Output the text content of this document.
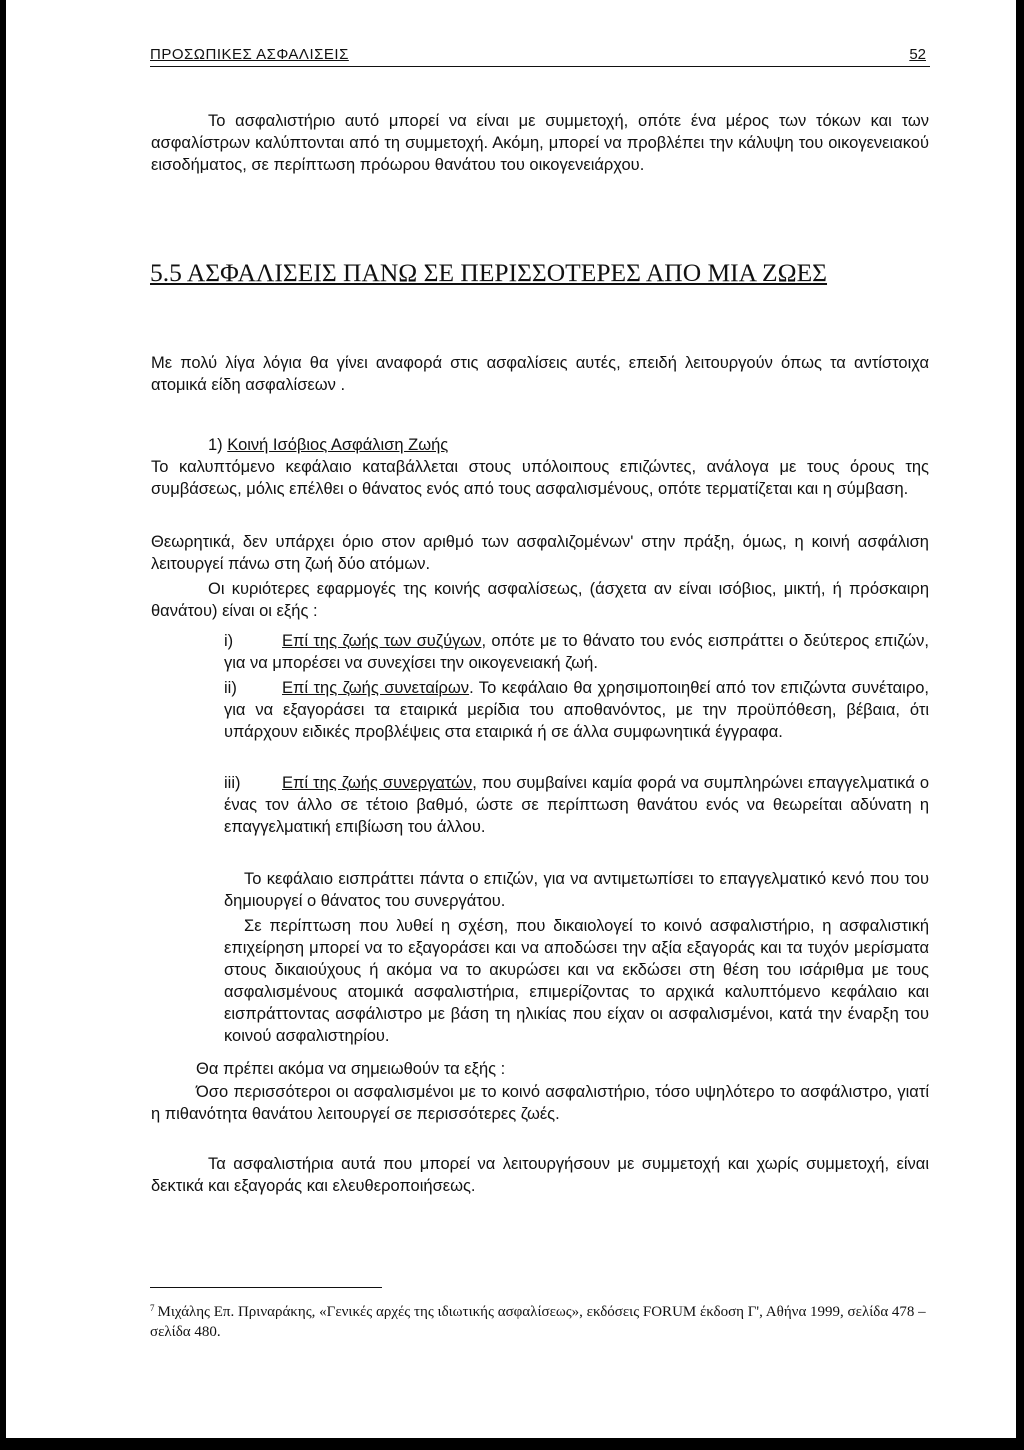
ΠΡΟΣΩΠΙΚΕΣ ΑΣΦΑΛΙΣΕΙΣ	52
Το ασφαλιστήριο αυτό μπορεί να είναι με συμμετοχή, οπότε ένα μέρος των τόκων και των ασφαλίστρων καλύπτονται από τη συμμετοχή. Ακόμη, μπορεί να προβλέπει την κάλυψη του οικογενειακού εισοδήματος, σε περίπτωση πρόωρου θανάτου του οικογενειάρχου.
5.5 ΑΣΦΑΛΙΣΕΙΣ ΠΑΝΩ ΣΕ ΠΕΡΙΣΣΟΤΕΡΕΣ ΑΠΟ ΜΙΑ ΖΩΕΣ
Με πολύ λίγα λόγια θα γίνει αναφορά στις ασφαλίσεις αυτές, επειδή λειτουργούν όπως τα αντίστοιχα ατομικά είδη ασφαλίσεων .
1) Κοινή Ισόβιος Ασφάλιση Ζωής
Το καλυπτόμενο κεφάλαιο καταβάλλεται στους υπόλοιπους επιζώντες, ανάλογα με τους όρους της συμβάσεως, μόλις επέλθει ο θάνατος ενός από τους ασφαλισμένους, οπότε τερματίζεται και η σύμβαση.
Θεωρητικά, δεν υπάρχει όριο στον αριθμό των ασφαλιζομένων' στην πράξη, όμως, η κοινή ασφάλιση λειτουργεί πάνω στη ζωή δύο ατόμων.
Οι κυριότερες εφαρμογές της κοινής ασφαλίσεως, (άσχετα αν είναι ισόβιος, μικτή, ή πρόσκαιρη θανάτου) είναι οι εξής :
i)	Επί της ζωής των συζύγων, οπότε με το θάνατο του ενός εισπράττει ο δεύτερος επιζών, για να μπορέσει να συνεχίσει την οικογενειακή ζωή.
ii)	Επί της ζωής συνεταίρων. Το κεφάλαιο θα χρησιμοποιηθεί από τον επιζώντα συνέταιρο, για να εξαγοράσει τα εταιρικά μερίδια του αποθανόντος, με την προϋπόθεση, βέβαια, ότι υπάρχουν ειδικές προβλέψεις στα εταιρικά ή σε άλλα συμφωνητικά έγγραφα.
iii)	Επί της ζωής συνεργατών, που συμβαίνει καμία φορά να συμπληρώνει επαγγελματικά ο ένας τον άλλο σε τέτοιο βαθμό, ώστε σε περίπτωση θανάτου ενός να θεωρείται αδύνατη η επαγγελματική επιβίωση του άλλου.
Το κεφάλαιο εισπράττει πάντα ο επιζών, για να αντιμετωπίσει το επαγγελματικό κενό που του δημιουργεί ο θάνατος του συνεργάτου.
Σε περίπτωση που λυθεί η σχέση, που δικαιολογεί το κοινό ασφαλιστήριο, η ασφαλιστική επιχείρηση μπορεί να το εξαγοράσει και να αποδώσει την αξία εξαγοράς και τα τυχόν μερίσματα στους δικαιούχους ή ακόμα να το ακυρώσει και να εκδώσει στη θέση του ισάριθμα με τους ασφαλισμένους ατομικά ασφαλιστήρια, επιμερίζοντας το αρχικά καλυπτόμενο κεφάλαιο και εισπράττοντας ασφάλιστρο με βάση τη ηλικίας που είχαν οι ασφαλισμένοι, κατά την έναρξη του κοινού ασφαλιστηρίου.
Θα πρέπει ακόμα να σημειωθούν τα εξής :
Όσο περισσότεροι οι ασφαλισμένοι με το κοινό ασφαλιστήριο, τόσο υψηλότερο το ασφάλιστρο, γιατί η πιθανότητα θανάτου λειτουργεί σε περισσότερες ζωές.
Τα ασφαλιστήρια αυτά που μπορεί να λειτουργήσουν με συμμετοχή και χωρίς συμμετοχή, είναι δεκτικά και εξαγοράς και ελευθεροποιήσεως.
$^7$ Μιχάλης Επ. Πριναράκης, «Γενικές αρχές της ιδιωτικής ασφαλίσεως», εκδόσεις FORUM έκδοση Γ', Αθήνα 1999, σελίδα 478 – σελίδα 480.
